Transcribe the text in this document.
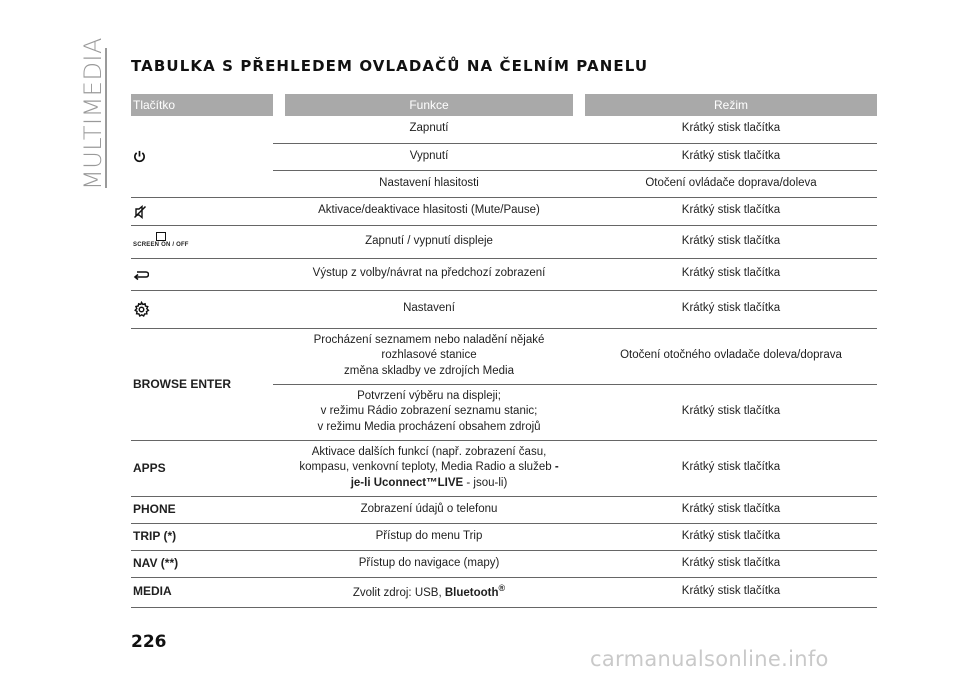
MULTIMEDIA TABULKA S PŘEHLEDEM OVLADAČŮ NA ČELNÍM PANELU
Tlačítko		Funkce		Režim
		Zapnutí		Krátký stisk tlačítka
		Vypnutí		Krátký stisk tlačítka
		Nastavení hlasitosti		Otočení ovládače doprava/doleva
		Aktivace/deaktivace hlasitosti (Mute/Pause)		Krátký stisk tlačítka

SCREEN ON / OFF		Zapnutí / vypnutí displeje		Krátký stisk tlačítka
		Výstup z volby/návrat na předchozí zobrazení		Krátký stisk tlačítka
		Nastavení		Krátký stisk tlačítka
BROWSE ENTER		Procházení seznamem nebo naladění nějaké
rozhlasové stanice
změna skladby ve zdrojích Media		Otočení otočného ovladače doleva/doprava
		Potvrzení výběru na displeji;
v režimu Rádio zobrazení seznamu stanic;
v režimu Media procházení obsahem zdrojů		Krátký stisk tlačítka
APPS		Aktivace dalších funkcí (např. zobrazení času,
kompasu, venkovní teploty, Media Radio a služeb -
je-li Uconnect™LIVE - jsou-li)		Krátký stisk tlačítka
PHONE		Zobrazení údajů o telefonu		Krátký stisk tlačítka
TRIP (*)		Přístup do menu Trip		Krátký stisk tlačítka
NAV (**)		Přístup do navigace (mapy)		Krátký stisk tlačítka
MEDIA		Zvolit zdroj: USB, Bluetooth®		Krátký stisk tlačítka
226
carmanualsonline.info
